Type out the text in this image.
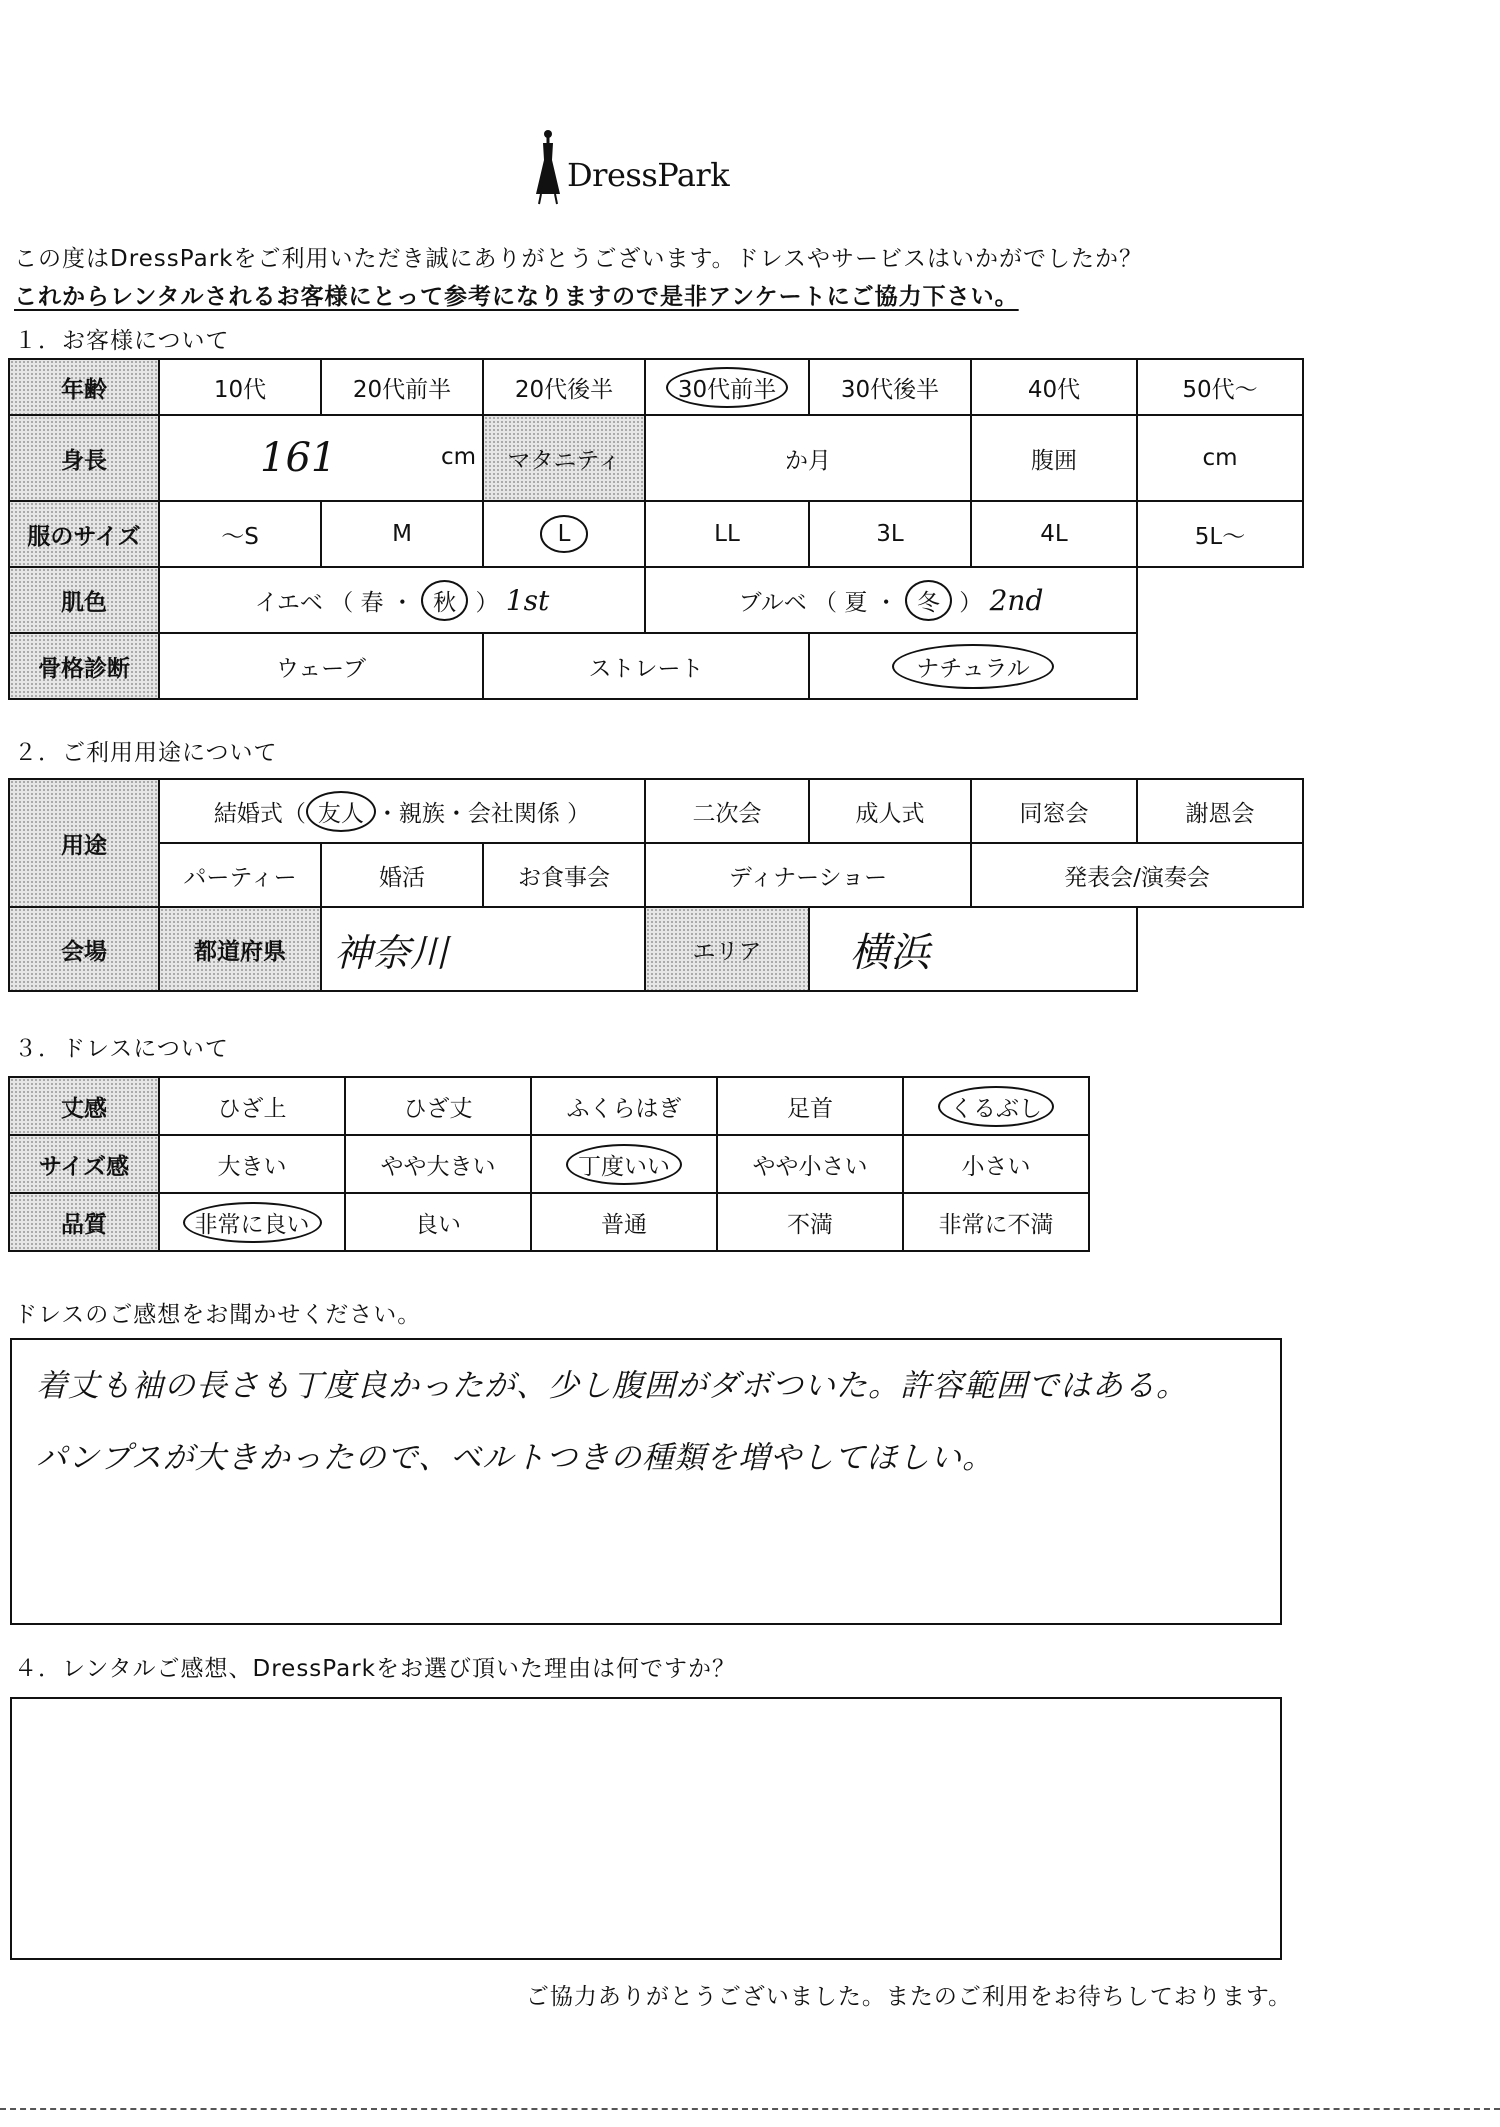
DressPark
この度はDressParkをご利用いただき誠にありがとうございます。ドレスやサービスはいかがでしたか？
これからレンタルされるお客様にとって参考になりますので是非アンケートにご協力下さい。
１．お客様について
年齢	10代	20代前半	20代後半	30代前半	30代後半	40代	50代～
身長	161 cm		マタニティ	か月		腹囲	cm
服のサイズ	～S	M	L	LL	3L	4L	5L～
肌色	イエベ （ 春 ・ 秋 ） 1st			ブルベ （ 夏 ・ 冬 ） 2nd			
骨格診断	ウェーブ		ストレート		ナチュラル		
２．ご利用用途について
用途	結婚式（ 友人 ・親族・会社関係 ）			二次会	成人式	同窓会	謝恩会
	パーティー	婚活	お食事会	ディナーショー		発表会/演奏会	
会場	都道府県	神奈川		エリア	横浜		
３．ドレスについて
丈感	ひざ上	ひざ丈	ふくらはぎ	足首	くるぶし
サイズ感	大きい	やや大きい	丁度いい	やや小さい	小さい
品質	非常に良い	良い	普通	不満	非常に不満
ドレスのご感想をお聞かせください。

着丈も袖の長さも丁度良かったが、少し腹囲がダボついた。許容範囲ではある。

パンプスが大きかったので、ベルトつきの種類を増やしてほしい。

４．レンタルご感想、DressParkをお選び頂いた理由は何ですか？
ご協力ありがとうございました。またのご利用をお待ちしております。
